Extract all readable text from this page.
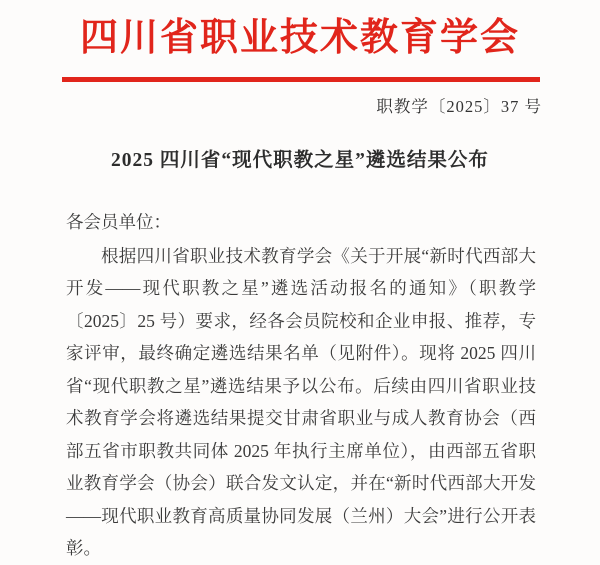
四川省职业技术教育学会
职教学〔2025〕37 号
2025 四川省“现代职教之星”遴选结果公布
各会员单位：
根据四川省职业技术教育学会《关于开展“新时代西部大开发——现代职教之星”遴选活动报名的通知》（职教学〔2025〕25 号）要求，经各会员院校和企业申报、推荐，专家评审，最终确定遴选结果名单（见附件）。现将 2025 四川省“现代职教之星”遴选结果予以公布。后续由四川省职业技术教育学会将遴选结果提交甘肃省职业与成人教育协会（西部五省市职教共同体 2025 年执行主席单位），由西部五省职业教育学会（协会）联合发文认定，并在“新时代西部大开发——现代职业教育高质量协同发展（兰州）大会”进行公开表彰。
